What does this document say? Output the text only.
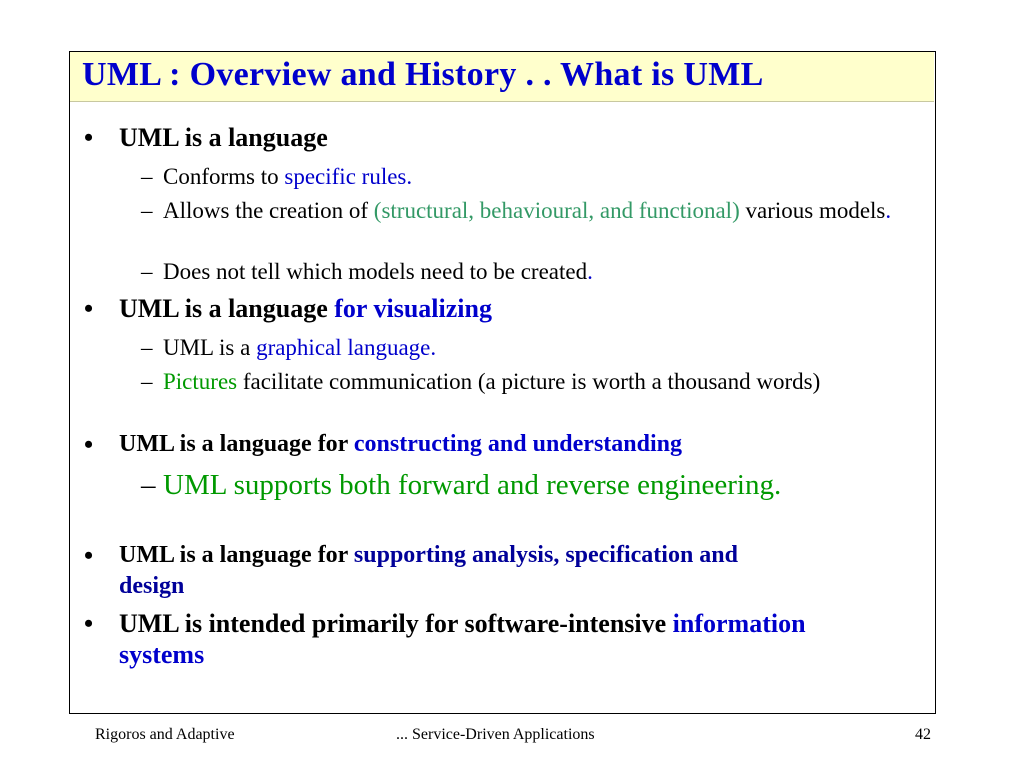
UML : Overview and History . . What is UML
• UML is a language
– Conforms to specific rules.
– Allows the creation of (structural, behavioural, and functional) various models.
– Does not tell which models need to be created.
• UML is a language for visualizing
– UML is a graphical language.
– Pictures facilitate communication (a picture is worth a thousand words)
•	UML is a language for constructing and understanding
– UML supports both forward and reverse engineering.
•	UML is a language for supporting analysis, specification and design
• UML is intended primarily for software-intensive information systems
Rigoros and Adaptive	... Service-Driven Applications	42
